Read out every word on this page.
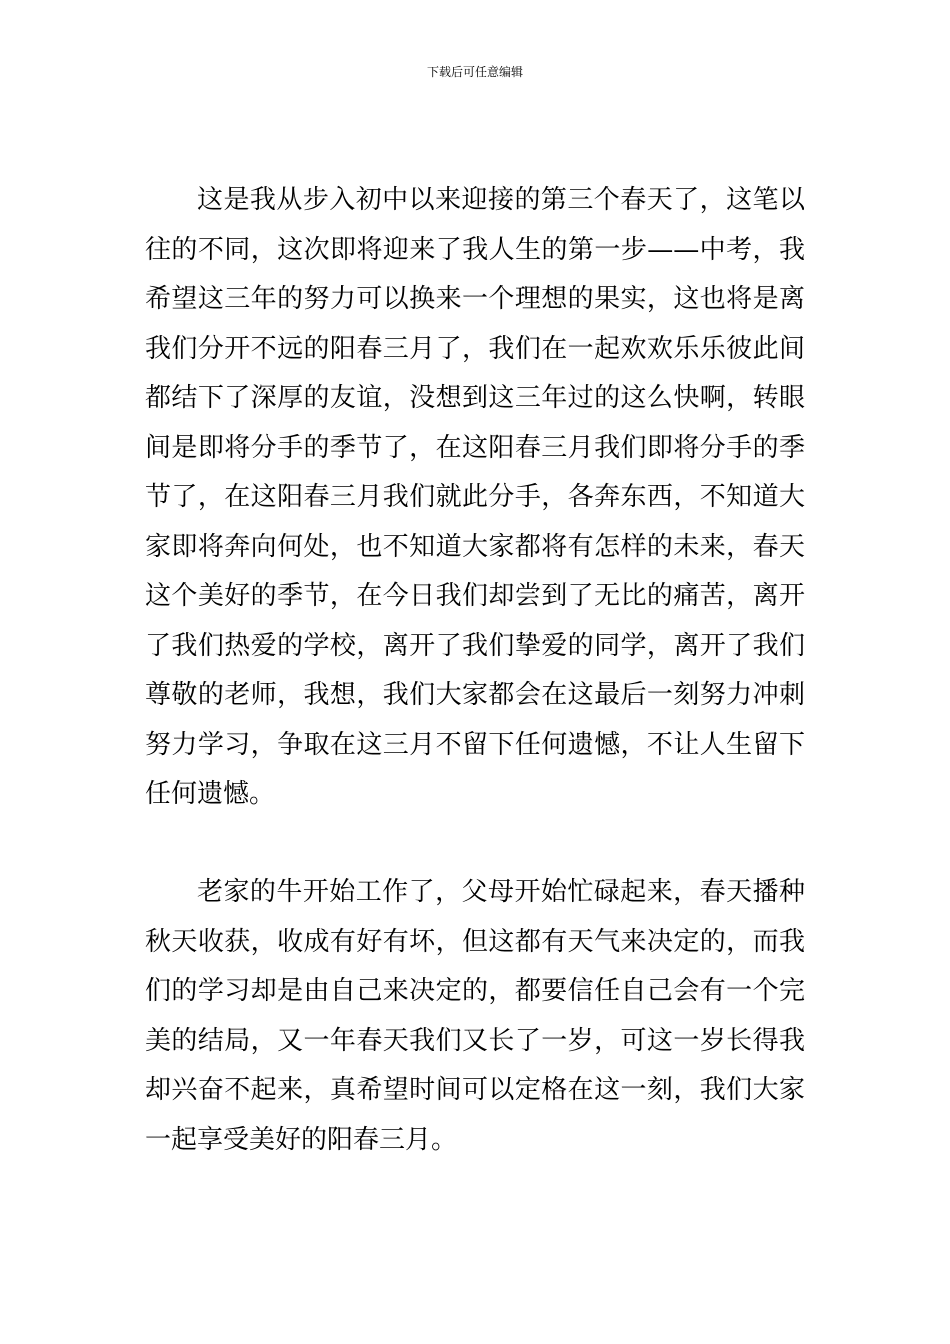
下载后可任意编辑

这是我从步入初中以来迎接的第三个春天了，这笔以往的不同，这次即将迎来了我人生的第一步——中考，我希望这三年的努力可以换来一个理想的果实，这也将是离我们分开不远的阳春三月了，我们在一起欢欢乐乐彼此间都结下了深厚的友谊，没想到这三年过的这么快啊，转眼间是即将分手的季节了，在这阳春三月我们即将分手的季节了，在这阳春三月我们就此分手，各奔东西，不知道大家即将奔向何处，也不知道大家都将有怎样的未来，春天这个美好的季节，在今日我们却尝到了无比的痛苦，离开了我们热爱的学校，离开了我们挚爱的同学，离开了我们尊敬的老师，我想，我们大家都会在这最后一刻努力冲刺努力学习，争取在这三月不留下任何遗憾，不让人生留下任何遗憾。

老家的牛开始工作了，父母开始忙碌起来，春天播种秋天收获，收成有好有坏，但这都有天气来决定的，而我们的学习却是由自己来决定的，都要信任自己会有一个完美的结局，又一年春天我们又长了一岁，可这一岁长得我却兴奋不起来，真希望时间可以定格在这一刻，我们大家一起享受美好的阳春三月。
